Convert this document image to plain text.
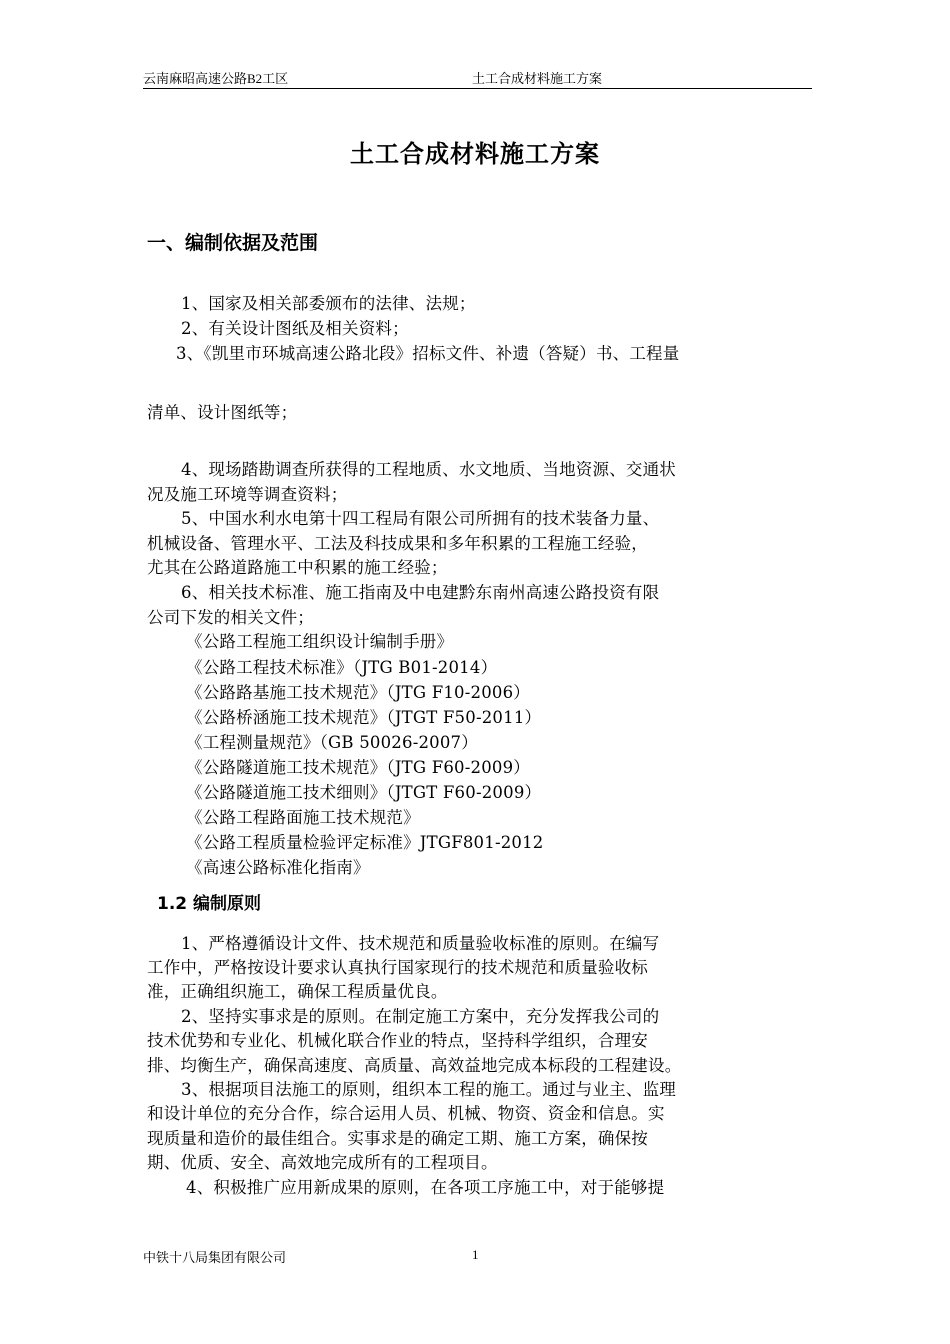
云南麻昭高速公路B2工区	土工合成材料施工方案
土工合成材料施工方案
一、编制依据及范围
1、国家及相关部委颁布的法律、法规；
2、有关设计图纸及相关资料；
3、《凯里市环城高速公路北段》招标文件、补遗（答疑）书、工程量
清单、设计图纸等；
4、现场踏勘调查所获得的工程地质、水文地质、当地资源、交通状
况及施工环境等调查资料；
5、中国水利水电第十四工程局有限公司所拥有的技术装备力量、
机械设备、管理水平、工法及科技成果和多年积累的工程施工经验，
尤其在公路道路施工中积累的施工经验；
6、相关技术标准、施工指南及中电建黔东南州高速公路投资有限
公司下发的相关文件；
《公路工程施工组织设计编制手册》
《公路工程技术标准》（JTG B01-2014）
《公路路基施工技术规范》（JTG F10-2006）
《公路桥涵施工技术规范》（JTGT F50-2011）
《工程测量规范》（GB 50026-2007）
《公路隧道施工技术规范》（JTG F60-2009）
《公路隧道施工技术细则》（JTGT F60-2009）
《公路工程路面施工技术规范》
《公路工程质量检验评定标准》JTGF801-2012
《高速公路标准化指南》
1.2 编制原则
1、严格遵循设计文件、技术规范和质量验收标准的原则。在编写
工作中，严格按设计要求认真执行国家现行的技术规范和质量验收标
准，正确组织施工，确保工程质量优良。
2、坚持实事求是的原则。在制定施工方案中，充分发挥我公司的
技术优势和专业化、机械化联合作业的特点，坚持科学组织，合理安
排、均衡生产，确保高速度、高质量、高效益地完成本标段的工程建设。
3、根据项目法施工的原则，组织本工程的施工。通过与业主、监理
和设计单位的充分合作，综合运用人员、机械、物资、资金和信息。实
现质量和造价的最佳组合。实事求是的确定工期、施工方案，确保按
期、优质、安全、高效地完成所有的工程项目。
4、积极推广应用新成果的原则，在各项工序施工中，对于能够提
中铁十八局集团有限公司	1
